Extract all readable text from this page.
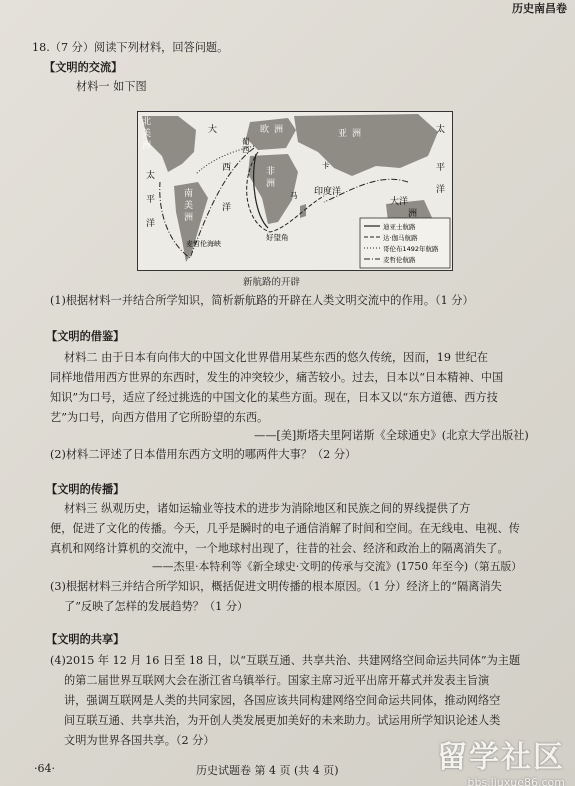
历史南昌卷
18.（7 分）阅读下列材料，回答问题。
【文明的交流】
材料一 如下图
迪亚士航路
达·伽马航路
哥伦布1492年航路
麦哲伦航路
北
美
洲
欧 洲	亚 洲
非
洲
南
美
洲
大
西
洋
太
平
洋
太
平
洋
印度洋
大洋
洲
好望角
麦哲伦海峡
西
葡
马
卡
新航路的开辟
(1)根据材料一并结合所学知识，简析新航路的开辟在人类文明交流中的作用。（1 分）
【文明的借鉴】
材料二 由于日本有向伟大的中国文化世界借用某些东西的悠久传统，因而，19 世纪在
同样地借用西方世界的东西时，发生的冲突较少，痛苦较小。过去，日本以“日本精神、中国
知识”为口号，适应了经过挑选的中国文化的某些方面。现在，日本又以“东方道德、西方技
艺”为口号，向西方借用了它所盼望的东西。
——[美]斯塔夫里阿诺斯《全球通史》(北京大学出版社)
(2)材料二评述了日本借用东西方文明的哪两件大事？（2 分）
【文明的传播】
材料三 纵观历史，诸如运输业等技术的进步为消除地区和民族之间的界线提供了方
便，促进了文化的传播。今天，几乎是瞬时的电子通信消解了时间和空间。在无线电、电视、传
真机和网络计算机的交流中，一个地球村出现了，往昔的社会、经济和政治上的隔离消失了。
——杰里·本特利等《新全球史·文明的传承与交流》(1750 年至今)（第五版）
(3)根据材料三并结合所学知识，概括促进文明传播的根本原因。（1 分）经济上的“隔离消失
了”反映了怎样的发展趋势？（1 分）
【文明的共享】
(4)2015 年 12 月 16 日至 18 日，以“互联互通、共享共治、共建网络空间命运共同体”为主题
的第二届世界互联网大会在浙江省乌镇举行。国家主席习近平出席开幕式并发表主旨演
讲，强调互联网是人类的共同家园，各国应该共同构建网络空间命运共同体，推动网络空
间互联互通、共享共治，为开创人类发展更加美好的未来助力。试运用所学知识论述人类
文明为世界各国共享。（2 分）
·64·	历史试题卷 第 4 页 (共 4 页)	留学社区
bbs.liuxue86.com
